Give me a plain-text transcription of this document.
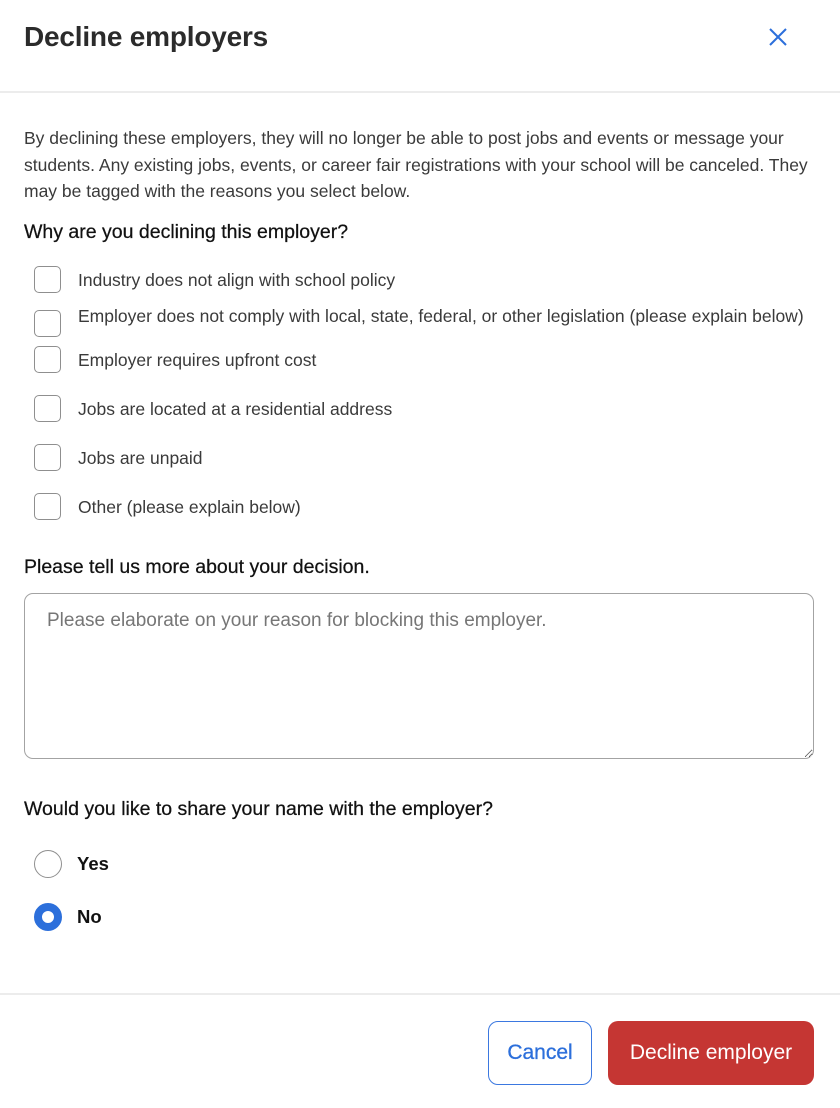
Decline employers

By declining these employers, they will no longer be able to post jobs and events or message your students. Any existing jobs, events, or career fair registrations with your school will be canceled. They may be tagged with the reasons you select below.

Why are you declining this employer?
Industry does not align with school policy
Employer does not comply with local, state, federal, or other legislation (please explain below)
Employer requires upfront cost
Jobs are located at a residential address
Jobs are unpaid
Other (please explain below)
Please tell us more about your decision.
Please elaborate on your reason for blocking this employer.
Would you like to share your name with the employer?
Yes
No
Cancel	Decline employer
